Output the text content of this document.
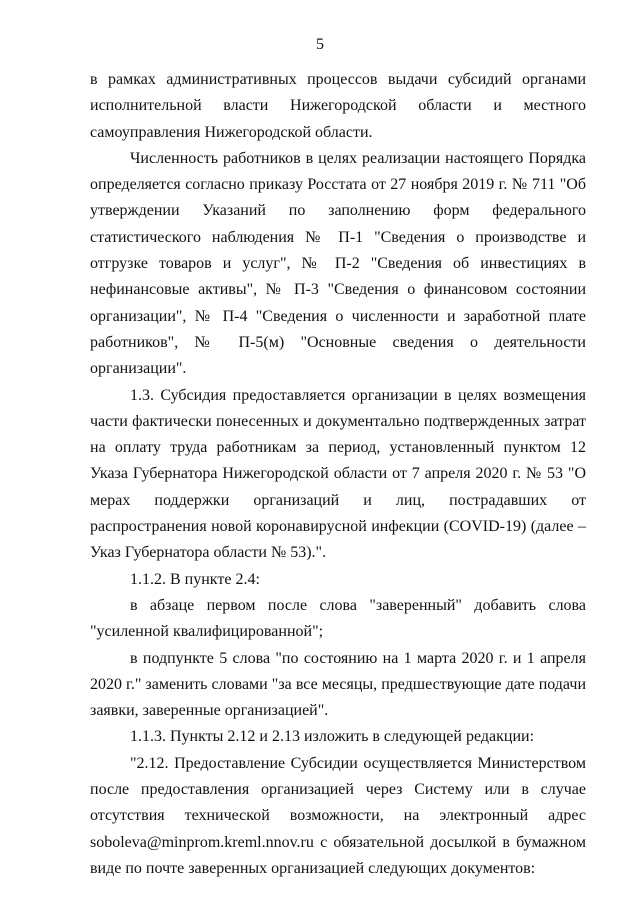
5

в рамках административных процессов выдачи субсидий органами исполнительной власти Нижегородской области и местного самоуправления Нижегородской области.

Численность работников в целях реализации настоящего Порядка определяется согласно приказу Росстата от 27 ноября 2019 г. № 711 "Об утверждении Указаний по заполнению форм федерального статистического наблюдения № П-1 "Сведения о производстве и отгрузке товаров и услуг", № П-2 "Сведения об инвестициях в нефинансовые активы", № П-3 "Сведения о финансовом состоянии организации", № П-4 "Сведения о численности и заработной плате работников", № П-5(м) "Основные сведения о деятельности организации".

1.3. Субсидия предоставляется организации в целях возмещения части фактически понесенных и документально подтвержденных затрат на оплату труда работникам за период, установленный пунктом 12 Указа Губернатора Нижегородской области от 7 апреля 2020 г. № 53 "О мерах поддержки организаций и лиц, пострадавших от распространения новой коронавирусной инфекции (COVID-19) (далее – Указ Губернатора области № 53).".

1.1.2. В пункте 2.4:

в абзаце первом после слова "заверенный" добавить слова "усиленной квалифицированной";

в подпункте 5 слова "по состоянию на 1 марта 2020 г. и 1 апреля 2020 г." заменить словами "за все месяцы, предшествующие дате подачи заявки, заверенные организацией".

1.1.3. Пункты 2.12 и 2.13 изложить в следующей редакции:

"2.12. Предоставление Субсидии осуществляется Министерством после предоставления организацией через Систему или в случае отсутствия технической возможности, на электронный адрес soboleva@minprom.kreml.nnov.ru с обязательной досылкой в бумажном виде по почте заверенных организацией следующих документов:
